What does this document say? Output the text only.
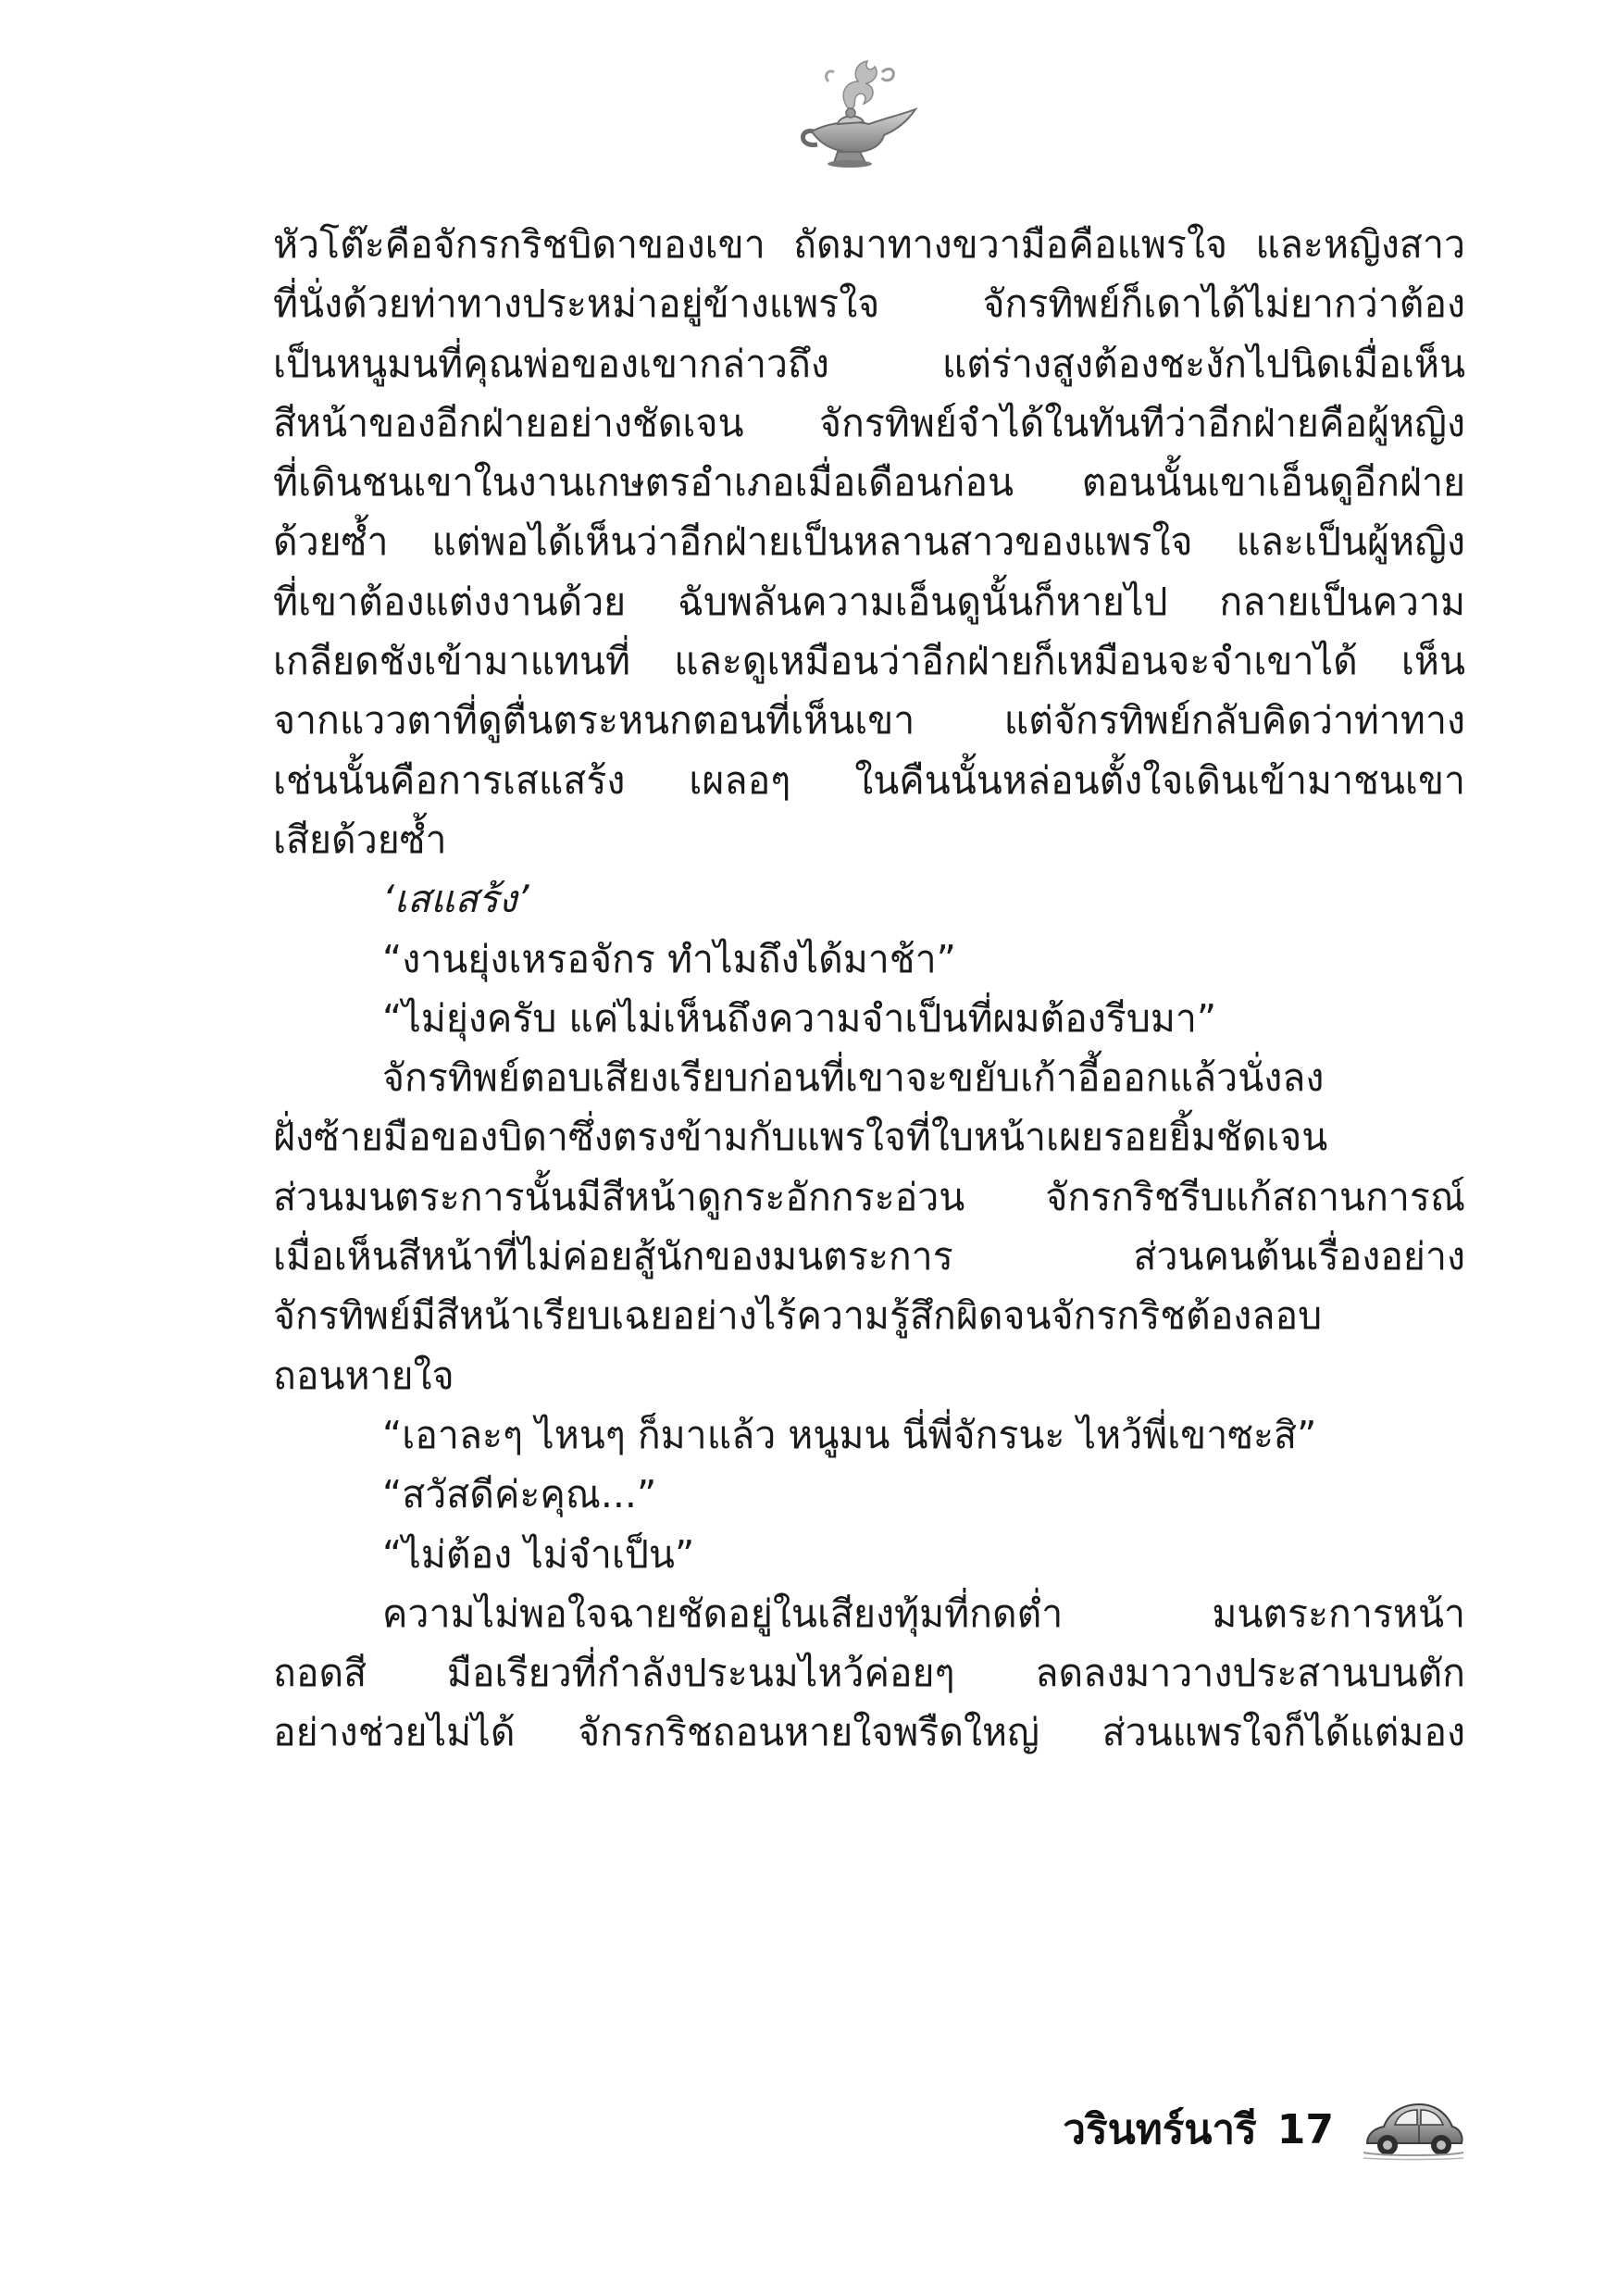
หัวโต๊ะคือจักรกริชบิดาของเขา ถัดมาทางขวามือคือแพรใจ และหญิงสาว
ที่นั่งด้วยท่าทางประหม่าอยู่ข้างแพรใจ จักรทิพย์ก็เดาได้ไม่ยากว่าต้อง
เป็นหนูมนที่คุณพ่อของเขากล่าวถึง แต่ร่างสูงต้องชะงักไปนิดเมื่อเห็น
สีหน้าของอีกฝ่ายอย่างชัดเจน จักรทิพย์จำได้ในทันทีว่าอีกฝ่ายคือผู้หญิง
ที่เดินชนเขาในงานเกษตรอำเภอเมื่อเดือนก่อน ตอนนั้นเขาเอ็นดูอีกฝ่าย
ด้วยซ้ำ แต่พอได้เห็นว่าอีกฝ่ายเป็นหลานสาวของแพรใจ และเป็นผู้หญิง
ที่เขาต้องแต่งงานด้วย ฉับพลันความเอ็นดูนั้นก็หายไป กลายเป็นความ
เกลียดชังเข้ามาแทนที่ และดูเหมือนว่าอีกฝ่ายก็เหมือนจะจำเขาได้ เห็น
จากแววตาที่ดูตื่นตระหนกตอนที่เห็นเขา แต่จักรทิพย์กลับคิดว่าท่าทาง
เช่นนั้นคือการเสแสร้ง เผลอๆ ในคืนนั้นหล่อนตั้งใจเดินเข้ามาชนเขา
เสียด้วยซ้ำ
‘เสแสร้ง’
“งานยุ่งเหรอจักร ทำไมถึงได้มาช้า”
“ไม่ยุ่งครับ แค่ไม่เห็นถึงความจำเป็นที่ผมต้องรีบมา”
จักรทิพย์ตอบเสียงเรียบก่อนที่เขาจะขยับเก้าอี้ออกแล้วนั่งลง
ฝั่งซ้ายมือของบิดาซึ่งตรงข้ามกับแพรใจที่ใบหน้าเผยรอยยิ้มชัดเจน
ส่วนมนตระการนั้นมีสีหน้าดูกระอักกระอ่วน จักรกริชรีบแก้สถานการณ์
เมื่อเห็นสีหน้าที่ไม่ค่อยสู้นักของมนตระการ ส่วนคนต้นเรื่องอย่าง
จักรทิพย์มีสีหน้าเรียบเฉยอย่างไร้ความรู้สึกผิดจนจักรกริชต้องลอบ
ถอนหายใจ
“เอาละๆ ไหนๆ ก็มาแล้ว หนูมน นี่พี่จักรนะ ไหว้พี่เขาซะสิ”
“สวัสดีค่ะคุณ...”
“ไม่ต้อง ไม่จำเป็น”
ความไม่พอใจฉายชัดอยู่ในเสียงทุ้มที่กดต่ำ มนตระการหน้า
ถอดสี มือเรียวที่กำลังประนมไหว้ค่อยๆ ลดลงมาวางประสานบนตัก
อย่างช่วยไม่ได้ จักรกริชถอนหายใจพรืดใหญ่ ส่วนแพรใจก็ได้แต่มอง
วรินทร์นารี 17
